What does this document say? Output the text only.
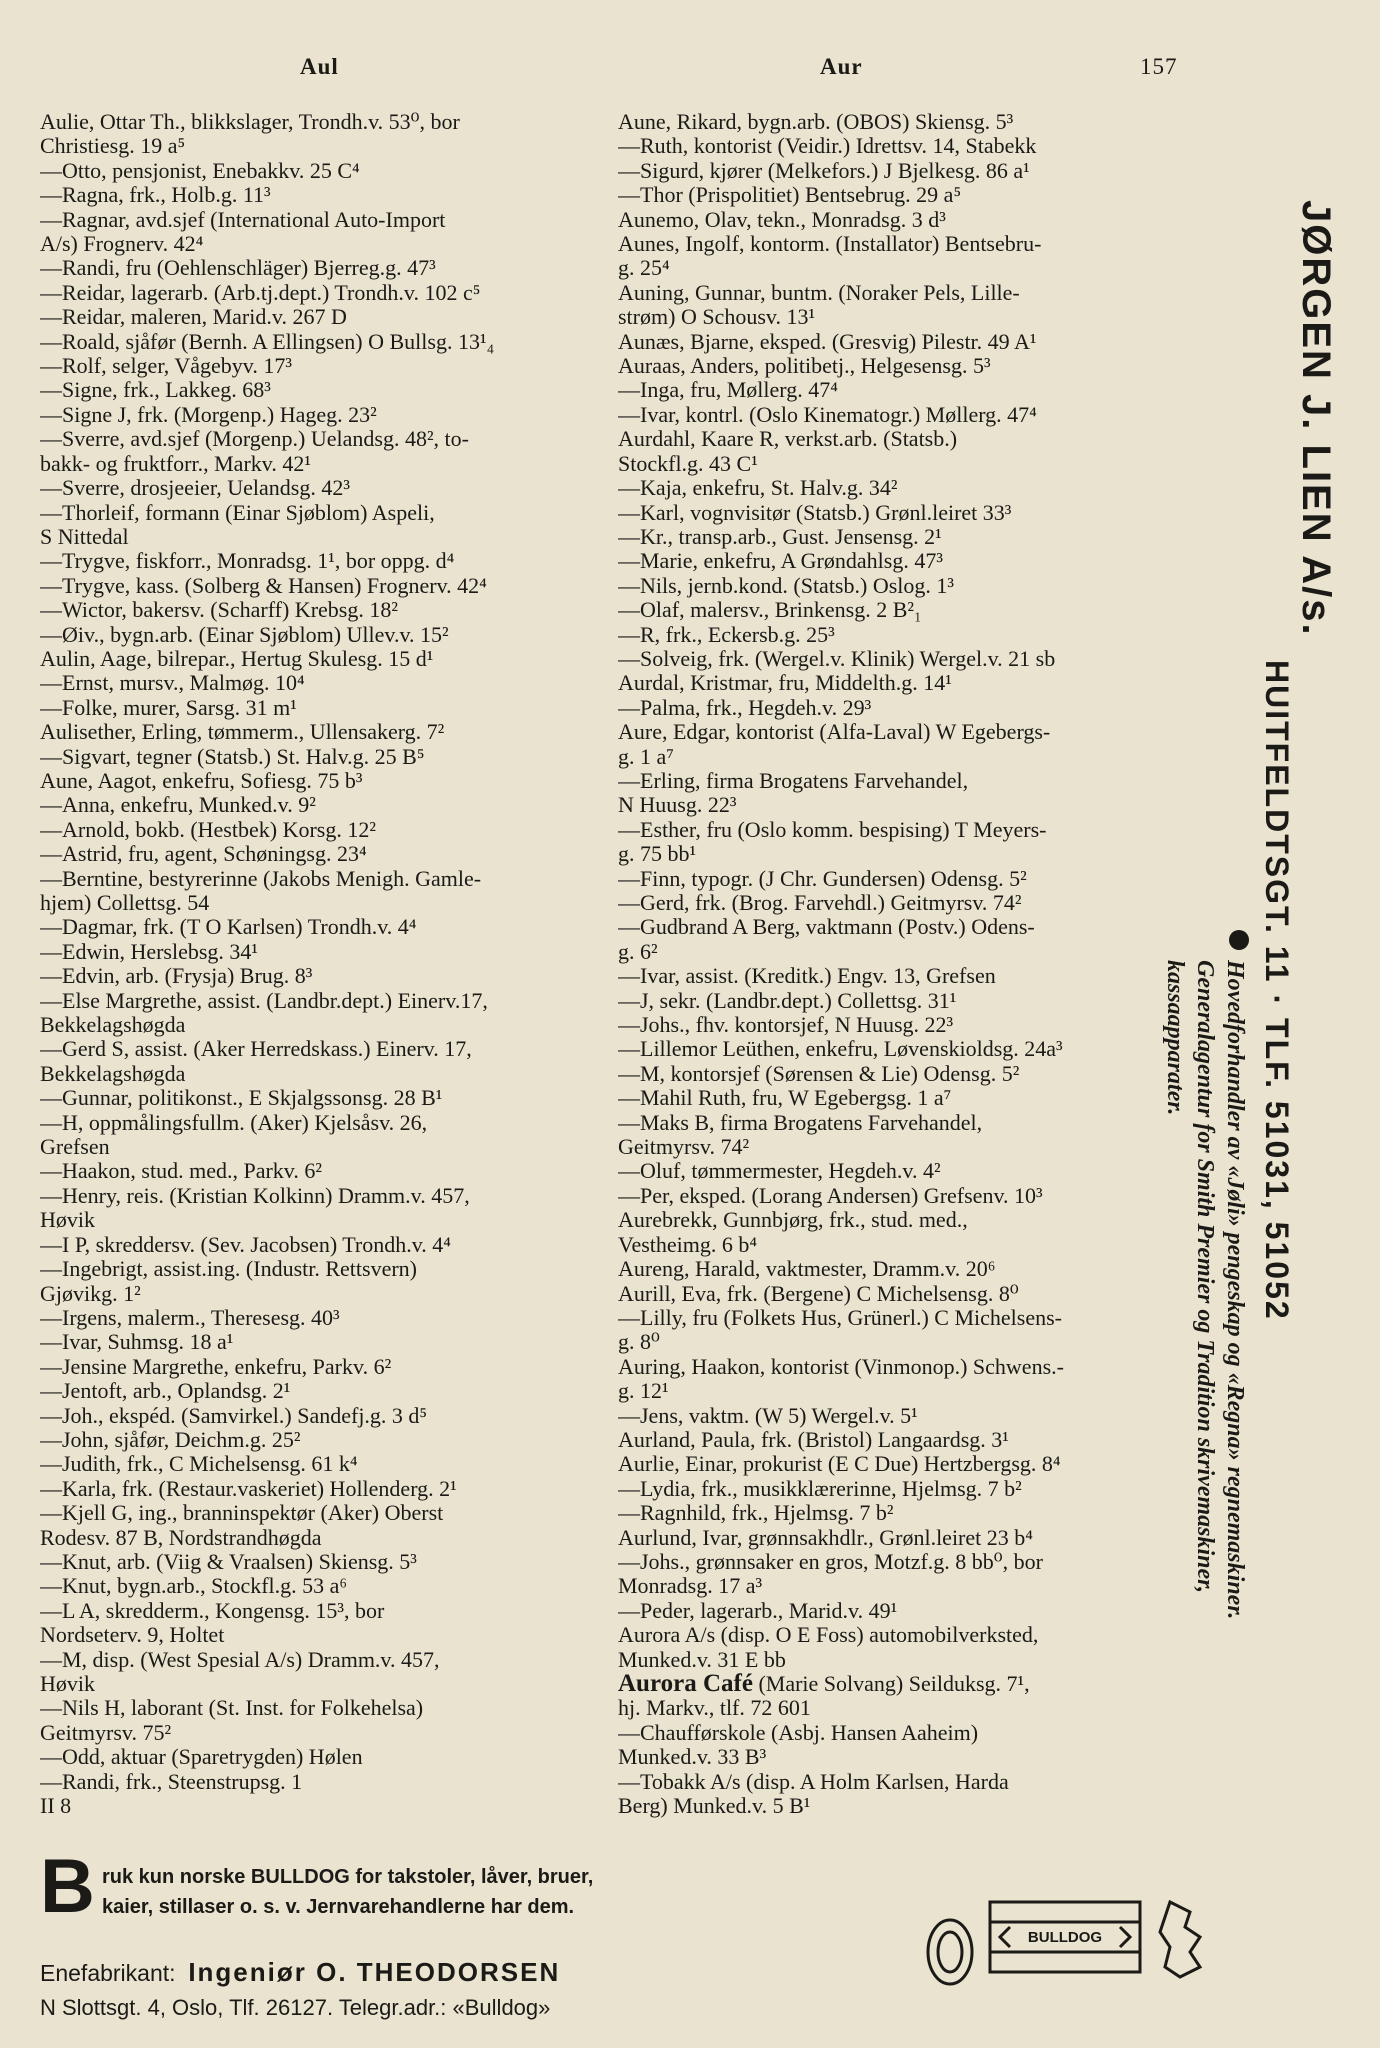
Aul	Aur	157
Aulie, Ottar Th., blikkslager, Trondh.v. 53⁰, bor
Christiesg. 19 a⁵
—Otto, pensjonist, Enebakkv. 25 C⁴
—Ragna, frk., Holb.g. 11³
—Ragnar, avd.sjef (International Auto-Import
A/s) Frognerv. 42⁴
—Randi, fru (Oehlenschläger) Bjerreg.g. 47³
—Reidar, lagerarb. (Arb.tj.dept.) Trondh.v. 102 c⁵
—Reidar, maleren, Marid.v. 267 D
—Roald, sjåfør (Bernh. A Ellingsen) O Bullsg. 13¹₄
—Rolf, selger, Vågebyv. 17³
—Signe, frk., Lakkeg. 68³
—Signe J, frk. (Morgenp.) Hageg. 23²
—Sverre, avd.sjef (Morgenp.) Uelandsg. 48², to-
bakk- og fruktforr., Markv. 42¹
—Sverre, drosjeeier, Uelandsg. 42³
—Thorleif, formann (Einar Sjøblom) Aspeli,
S Nittedal
—Trygve, fiskforr., Monradsg. 1¹, bor oppg. d⁴
—Trygve, kass. (Solberg & Hansen) Frognerv. 42⁴
—Wictor, bakersv. (Scharff) Krebsg. 18²
—Øiv., bygn.arb. (Einar Sjøblom) Ullev.v. 15²
Aulin, Aage, bilrepar., Hertug Skulesg. 15 d¹
—Ernst, mursv., Malmøg. 10⁴
—Folke, murer, Sarsg. 31 m¹
Aulisether, Erling, tømmerm., Ullensakerg. 7²
—Sigvart, tegner (Statsb.) St. Halv.g. 25 B⁵
Aune, Aagot, enkefru, Sofiesg. 75 b³
—Anna, enkefru, Munked.v. 9²
—Arnold, bokb. (Hestbek) Korsg. 12²
—Astrid, fru, agent, Schøningsg. 23⁴
—Berntine, bestyrerinne (Jakobs Menigh. Gamle-
hjem) Collettsg. 54
—Dagmar, frk. (T O Karlsen) Trondh.v. 4⁴
—Edwin, Herslebsg. 34¹
—Edvin, arb. (Frysja) Brug. 8³
—Else Margrethe, assist. (Landbr.dept.) Einerv.17,
Bekkelagshøgda
—Gerd S, assist. (Aker Herredskass.) Einerv. 17,
Bekkelagshøgda
—Gunnar, politikonst., E Skjalgssonsg. 28 B¹
—H, oppmålingsfullm. (Aker) Kjelsåsv. 26,
Grefsen
—Haakon, stud. med., Parkv. 6²
—Henry, reis. (Kristian Kolkinn) Dramm.v. 457,
Høvik
—I P, skreddersv. (Sev. Jacobsen) Trondh.v. 4⁴
—Ingebrigt, assist.ing. (Industr. Rettsvern)
Gjøvikg. 1²
—Irgens, malerm., Theresesg. 40³
—Ivar, Suhmsg. 18 a¹
—Jensine Margrethe, enkefru, Parkv. 6²
—Jentoft, arb., Oplandsg. 2¹
—Joh., ekspéd. (Samvirkel.) Sandefj.g. 3 d⁵
—John, sjåfør, Deichm.g. 25²
—Judith, frk., C Michelsensg. 61 k⁴
—Karla, frk. (Restaur.vaskeriet) Hollenderg. 2¹
—Kjell G, ing., branninspektør (Aker) Oberst
Rodesv. 87 B, Nordstrandhøgda
—Knut, arb. (Viig & Vraalsen) Skiensg. 5³
—Knut, bygn.arb., Stockfl.g. 53 a⁶
—L A, skredderm., Kongensg. 15³, bor
Nordseterv. 9, Holtet
—M, disp. (West Spesial A/s) Dramm.v. 457,
Høvik
—Nils H, laborant (St. Inst. for Folkehelsa)
Geitmyrsv. 75²
—Odd, aktuar (Sparetrygden) Hølen
—Randi, frk., Steenstrupsg. 1
II 8
Aune, Rikard, bygn.arb. (OBOS) Skiensg. 5³
—Ruth, kontorist (Veidir.) Idrettsv. 14, Stabekk
—Sigurd, kjører (Melkefors.) J Bjelkesg. 86 a¹
—Thor (Prispolitiet) Bentsebrug. 29 a⁵
Aunemo, Olav, tekn., Monradsg. 3 d³
Aunes, Ingolf, kontorm. (Installator) Bentsebru-
g. 25⁴
Auning, Gunnar, buntm. (Noraker Pels, Lille-
strøm) O Schousv. 13¹
Aunæs, Bjarne, eksped. (Gresvig) Pilestr. 49 A¹
Auraas, Anders, politibetj., Helgesensg. 5³
—Inga, fru, Møllerg. 47⁴
—Ivar, kontrl. (Oslo Kinematogr.) Møllerg. 47⁴
Aurdahl, Kaare R, verkst.arb. (Statsb.)
Stockfl.g. 43 C¹
—Kaja, enkefru, St. Halv.g. 34²
—Karl, vognvisitør (Statsb.) Grønl.leiret 33³
—Kr., transp.arb., Gust. Jensensg. 2¹
—Marie, enkefru, A Grøndahlsg. 47³
—Nils, jernb.kond. (Statsb.) Oslog. 1³
—Olaf, malersv., Brinkensg. 2 B²₁
—R, frk., Eckersb.g. 25³
—Solveig, frk. (Wergel.v. Klinik) Wergel.v. 21 sb
Aurdal, Kristmar, fru, Middelth.g. 14¹
—Palma, frk., Hegdeh.v. 29³
Aure, Edgar, kontorist (Alfa-Laval) W Egebergs-
g. 1 a⁷
—Erling, firma Brogatens Farvehandel,
N Huusg. 22³
—Esther, fru (Oslo komm. bespising) T Meyers-
g. 75 bb¹
—Finn, typogr. (J Chr. Gundersen) Odensg. 5²
—Gerd, frk. (Brog. Farvehdl.) Geitmyrsv. 74²
—Gudbrand A Berg, vaktmann (Postv.) Odens-
g. 6²
—Ivar, assist. (Kreditk.) Engv. 13, Grefsen
—J, sekr. (Landbr.dept.) Collettsg. 31¹
—Johs., fhv. kontorsjef, N Huusg. 22³
—Lillemor Leüthen, enkefru, Løvenskioldsg. 24a³
—M, kontorsjef (Sørensen & Lie) Odensg. 5²
—Mahil Ruth, fru, W Egebergsg. 1 a⁷
—Maks B, firma Brogatens Farvehandel,
Geitmyrsv. 74²
—Oluf, tømmermester, Hegdeh.v. 4²
—Per, eksped. (Lorang Andersen) Grefsenv. 10³
Aurebrekk, Gunnbjørg, frk., stud. med.,
Vestheimg. 6 b⁴
Aureng, Harald, vaktmester, Dramm.v. 20⁶
Aurill, Eva, frk. (Bergene) C Michelsensg. 8⁰
—Lilly, fru (Folkets Hus, Grünerl.) C Michelsens-
g. 8⁰
Auring, Haakon, kontorist (Vinmonop.) Schwens.-
g. 12¹
—Jens, vaktm. (W 5) Wergel.v. 5¹
Aurland, Paula, frk. (Bristol) Langaardsg. 3¹
Aurlie, Einar, prokurist (E C Due) Hertzbergsg. 8⁴
—Lydia, frk., musikklærerinne, Hjelmsg. 7 b²
—Ragnhild, frk., Hjelmsg. 7 b²
Aurlund, Ivar, grønnsakhdlr., Grønl.leiret 23 b⁴
—Johs., grønnsaker en gros, Motzf.g. 8 bb⁰, bor
Monradsg. 17 a³
—Peder, lagerarb., Marid.v. 49¹
Aurora A/s (disp. O E Foss) automobilverksted,
Munked.v. 31 E bb
Aurora Café (Marie Solvang) Seilduksg. 7¹,
hj. Markv., tlf. 72 601
—Chaufførskole (Asbj. Hansen Aaheim)
Munked.v. 33 B³
—Tobakk A/s (disp. A Holm Karlsen, Harda
Berg) Munked.v. 5 B¹
JØRGEN J. LIEN A/s.
HUITFELDTSGT. 11 · TLF. 51031, 51052
Hovedforhandler av «Jøli» pengeskap og «Regna» regnemaskiner. Generalagentur for Smith Premier og Tradition skrivemaskiner, kassaapparater.
B ruk kun norske BULLDOG for takstoler, låver, bruer,
kaier, stillaser o. s. v. Jernvarehandlerne har dem.
Enefabrikant: Ingeniør O. THEODORSEN
N Slottsgt. 4, Oslo, Tlf. 26127. Telegr.adr.: «Bulldog»
BULLDOG
